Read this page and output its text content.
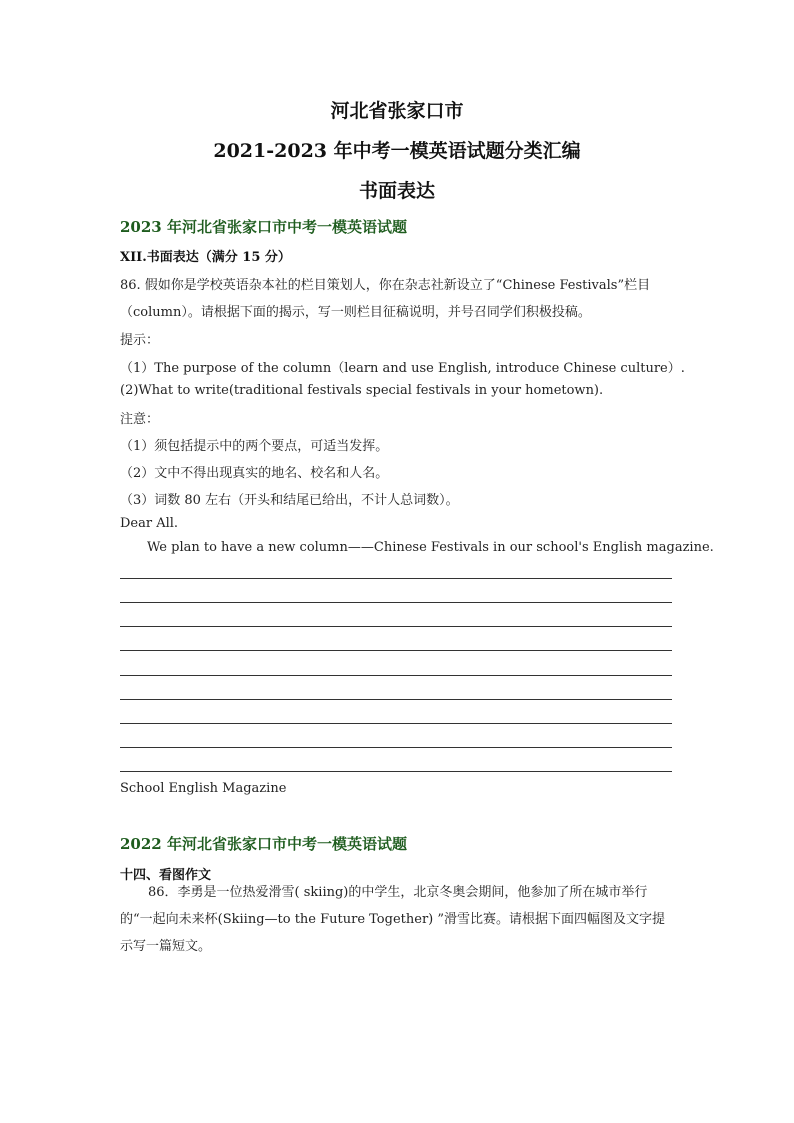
河北省张家口市
2021-2023 年中考一模英语试题分类汇编
书面表达
2023 年河北省张家口市中考一模英语试题
XII.书面表达（满分 15 分）
86. 假如你是学校英语杂本社的栏目策划人，你在杂志社新设立了“Chinese Festivals”栏目
（column）。请根据下面的揭示，写一则栏目征稿说明，并号召同学们积极投稿。
提示：
（1）The purpose of the column（learn and use English, introduce Chinese culture）.
(2)What to write(traditional festivals special festivals in your hometown).
注意：
（1）须包括提示中的两个要点，可适当发挥。
（2）文中不得出现真实的地名、校名和人名。
（3）词数 80 左右（开头和结尾已给出，不计人总词数）。
Dear All.
We plan to have a new column——Chinese Festivals in our school's English magazine.
School English Magazine
2022 年河北省张家口市中考一模英语试题
十四、看图作文
86．李勇是一位热爱滑雪( skiing)的中学生，北京冬奥会期间，他参加了所在城市举行的“一起向未来杯(Skiing—to the Future Together) ”滑雪比赛。请根据下面四幅图及文字提示写一篇短文。
